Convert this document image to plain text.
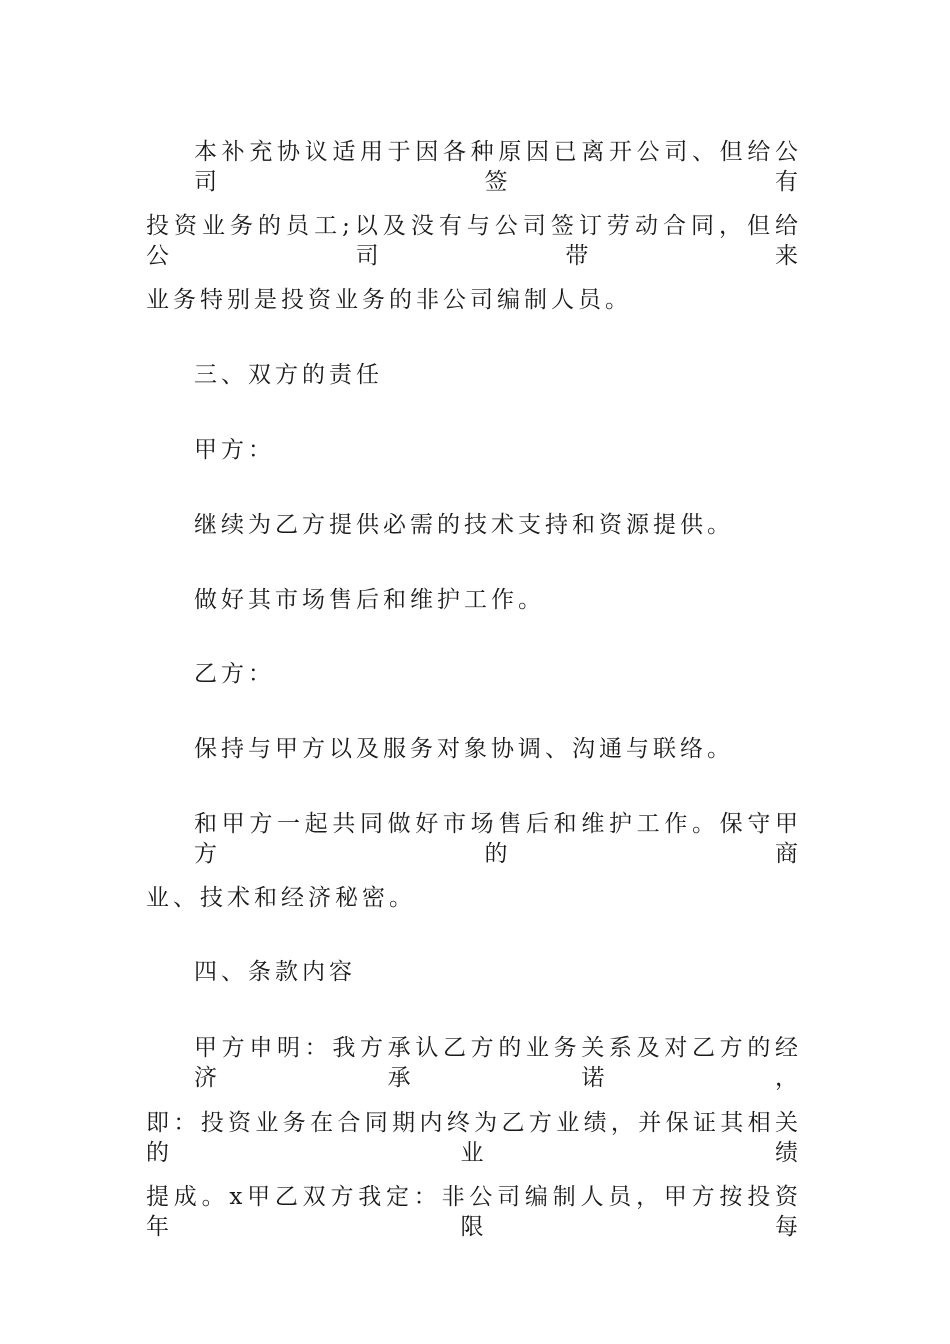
本补充协议适用于因各种原因已离开公司、但给公司签有
投资业务的员工;以及没有与公司签订劳动合同，但给公司带来
业务特别是投资业务的非公司编制人员。
三、双方的责任
甲方：
继续为乙方提供必需的技术支持和资源提供。
做好其市场售后和维护工作。
乙方：
保持与甲方以及服务对象协调、沟通与联络。
和甲方一起共同做好市场售后和维护工作。保守甲方的商
业、技术和经济秘密。
四、条款内容
甲方申明：我方承认乙方的业务关系及对乙方的经济承诺，
即：投资业务在合同期内终为乙方业绩，并保证其相关的业绩
提成。x甲乙双方我定：非公司编制人员，甲方按投资年限每
